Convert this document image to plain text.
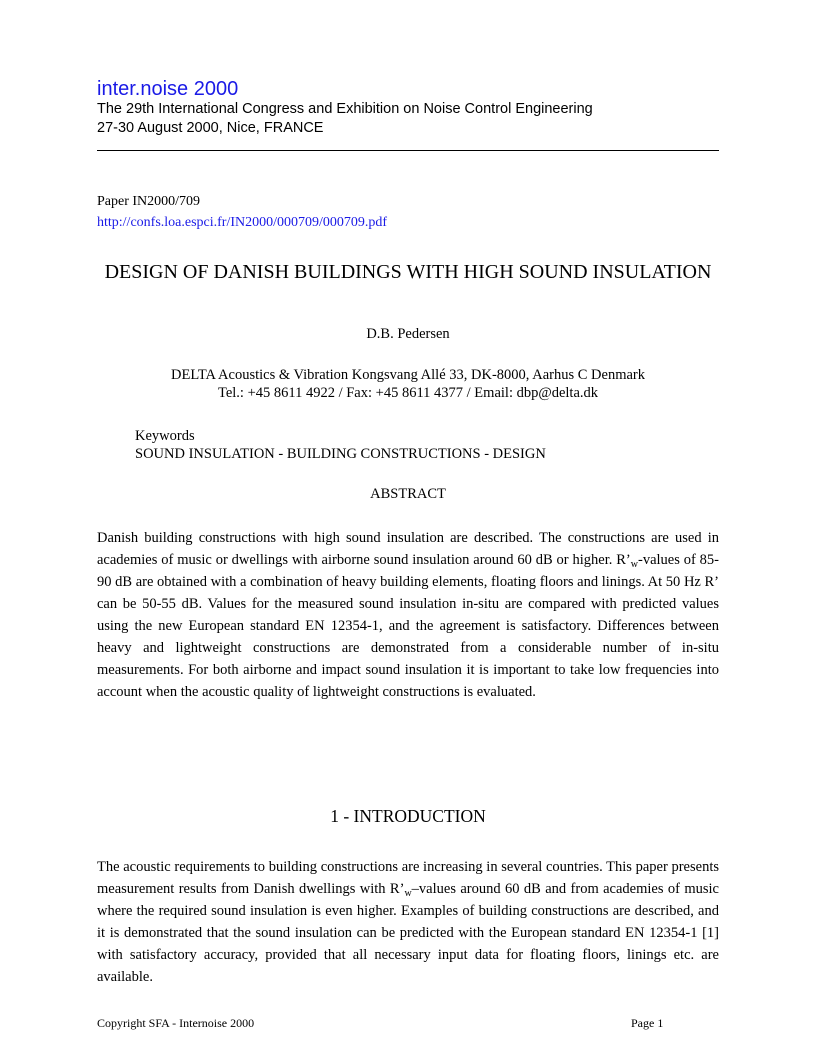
inter.noise 2000
The 29th International Congress and Exhibition on Noise Control Engineering
27-30 August 2000, Nice, FRANCE
Paper IN2000/709
http://confs.loa.espci.fr/IN2000/000709/000709.pdf
DESIGN OF DANISH BUILDINGS WITH HIGH SOUND INSULATION
D.B. Pedersen
DELTA Acoustics & Vibration Kongsvang Allé 33, DK-8000, Aarhus C Denmark
Tel.: +45 8611 4922 / Fax: +45 8611 4377 / Email: dbp@delta.dk
Keywords
SOUND INSULATION - BUILDING CONSTRUCTIONS - DESIGN
ABSTRACT
Danish building constructions with high sound insulation are described. The constructions are used in academies of music or dwellings with airborne sound insulation around 60 dB or higher. $R’_w$-values of 85-90 dB are obtained with a combination of heavy building elements, floating floors and linings. At 50 Hz R’ can be 50-55 dB. Values for the measured sound insulation in-situ are compared with predicted values using the new European standard EN 12354-1, and the agreement is satisfactory. Differences between heavy and lightweight constructions are demonstrated from a considerable number of in-situ measurements. For both airborne and impact sound insulation it is important to take low frequencies into account when the acoustic quality of lightweight constructions is evaluated.
1 - INTRODUCTION
The acoustic requirements to building constructions are increasing in several countries. This paper presents measurement results from Danish dwellings with $R’_w$–values around 60 dB and from academies of music where the required sound insulation is even higher. Examples of building constructions are described, and it is demonstrated that the sound insulation can be predicted with the European standard EN 12354-1 [1] with satisfactory accuracy, provided that all necessary input data for floating floors, linings etc. are available.
Copyright SFA - Internoise 2000	Page 1
